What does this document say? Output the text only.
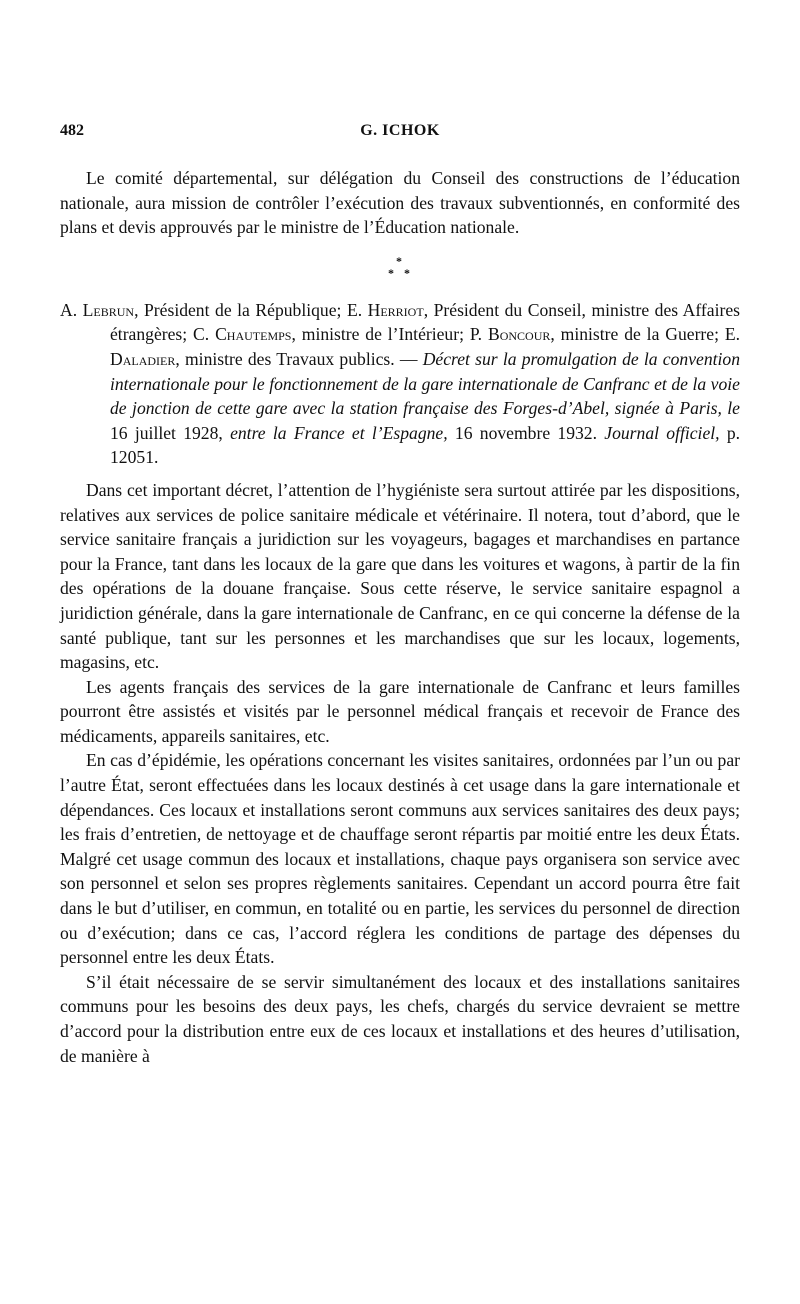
482	G. ICHOK

Le comité départemental, sur délégation du Conseil des constructions de l’éducation nationale, aura mission de contrôler l’exécution des travaux subventionnés, en conformité des plans et devis approuvés par le ministre de l’Éducation nationale.

*
* *

A. Lebrun, Président de la République; E. Herriot, Président du Conseil, ministre des Affaires étrangères; C. Chautemps, ministre de l’Intérieur; P. Boncour, ministre de la Guerre; E. Daladier, ministre des Travaux publics. — Décret sur la promulgation de la convention internationale pour le fonctionnement de la gare internationale de Canfranc et de la voie de jonction de cette gare avec la station française des Forges-d’Abel, signée à Paris, le 16 juillet 1928, entre la France et l’Espagne, 16 novembre 1932. Journal officiel, p. 12051.

Dans cet important décret, l’attention de l’hygiéniste sera surtout attirée par les dispositions, relatives aux services de police sanitaire médicale et vétérinaire. Il notera, tout d’abord, que le service sanitaire français a juridiction sur les voyageurs, bagages et marchandises en partance pour la France, tant dans les locaux de la gare que dans les voitures et wagons, à partir de la fin des opérations de la douane française. Sous cette réserve, le service sanitaire espagnol a juridiction générale, dans la gare internationale de Canfranc, en ce qui concerne la défense de la santé publique, tant sur les personnes et les marchandises que sur les locaux, logements, magasins, etc.

Les agents français des services de la gare internationale de Canfranc et leurs familles pourront être assistés et visités par le personnel médical français et recevoir de France des médicaments, appareils sanitaires, etc.

En cas d’épidémie, les opérations concernant les visites sanitaires, ordonnées par l’un ou par l’autre État, seront effectuées dans les locaux destinés à cet usage dans la gare internationale et dépendances. Ces locaux et installations seront communs aux services sanitaires des deux pays; les frais d’entretien, de nettoyage et de chauffage seront répartis par moitié entre les deux États. Malgré cet usage commun des locaux et installations, chaque pays organisera son service avec son personnel et selon ses propres règlements sanitaires. Cependant un accord pourra être fait dans le but d’utiliser, en commun, en totalité ou en partie, les services du personnel de direction ou d’exécution; dans ce cas, l’accord réglera les conditions de partage des dépenses du personnel entre les deux États.

S’il était nécessaire de se servir simultanément des locaux et des installations sanitaires communs pour les besoins des deux pays, les chefs, chargés du service devraient se mettre d’accord pour la distribution entre eux de ces locaux et installations et des heures d’utilisation, de manière à
